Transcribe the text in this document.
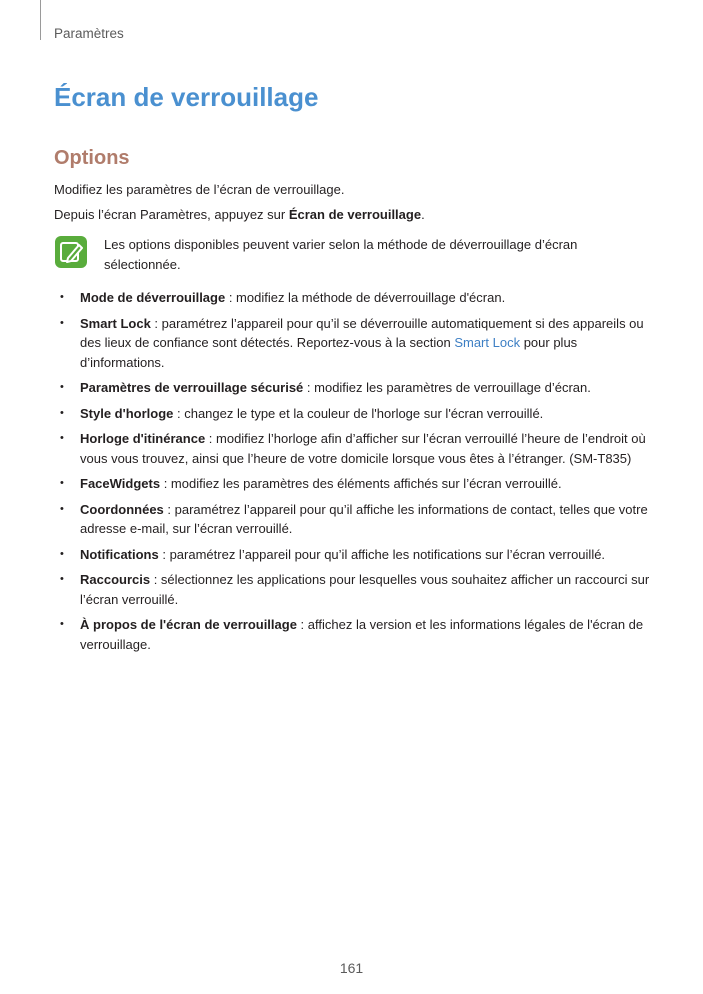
Paramètres
Écran de verrouillage
Options

Modifiez les paramètres de l’écran de verrouillage.

Depuis l’écran Paramètres, appuyez sur Écran de verrouillage.

Les options disponibles peuvent varier selon la méthode de déverrouillage d’écran sélectionnée.

• Mode de déverrouillage : modifiez la méthode de déverrouillage d'écran.
• Smart Lock : paramétrez l’appareil pour qu’il se déverrouille automatiquement si des appareils ou des lieux de confiance sont détectés. Reportez-vous à la section Smart Lock pour plus d’informations.
• Paramètres de verrouillage sécurisé : modifiez les paramètres de verrouillage d’écran.
• Style d'horloge : changez le type et la couleur de l'horloge sur l'écran verrouillé.
• Horloge d'itinérance : modifiez l’horloge afin d’afficher sur l’écran verrouillé l’heure de l’endroit où vous vous trouvez, ainsi que l’heure de votre domicile lorsque vous êtes à l’étranger. (SM-T835)
• FaceWidgets : modifiez les paramètres des éléments affichés sur l’écran verrouillé.
• Coordonnées : paramétrez l’appareil pour qu’il affiche les informations de contact, telles que votre adresse e-mail, sur l’écran verrouillé.
• Notifications : paramétrez l’appareil pour qu’il affiche les notifications sur l’écran verrouillé.
• Raccourcis : sélectionnez les applications pour lesquelles vous souhaitez afficher un raccourci sur l’écran verrouillé.
• À propos de l'écran de verrouillage : affichez la version et les informations légales de l'écran de verrouillage.
161
